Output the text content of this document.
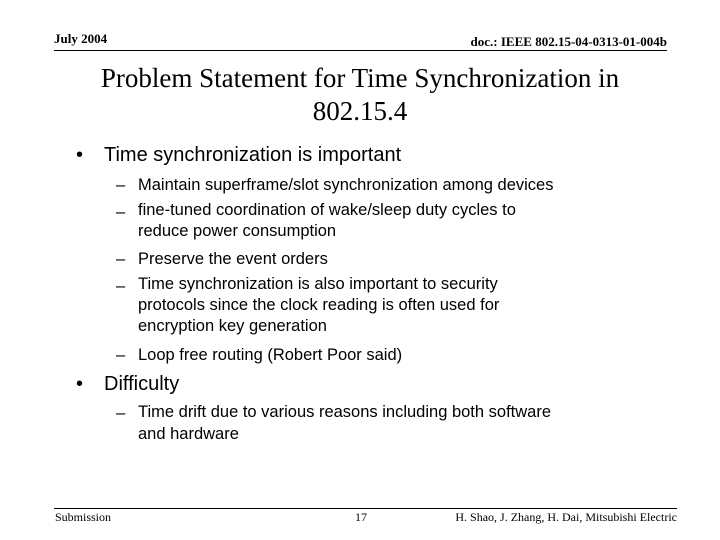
July 2004	doc.: IEEE 802.15-04-0313-01-004b
Problem Statement for Time Synchronization in 802.15.4
• Time synchronization is important
– Maintain superframe/slot synchronization among devices
– fine-tuned coordination of wake/sleep duty cycles to
reduce power consumption
– Preserve the event orders
– Time synchronization is also important to security
protocols since the clock reading is often used for
encryption key generation
– Loop free routing (Robert Poor said)
• Difficulty
– Time drift due to various reasons including both software
and hardware
Submission	17	H. Shao, J. Zhang, H. Dai, Mitsubishi Electric
